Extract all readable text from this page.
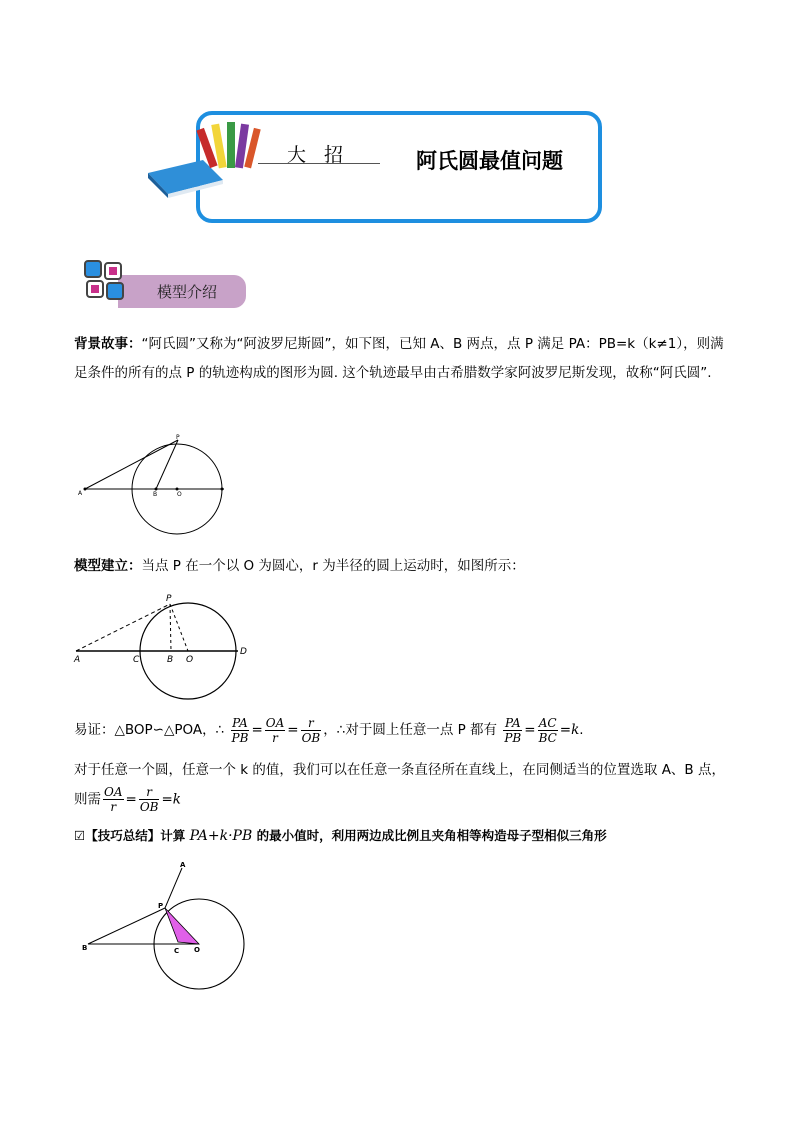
大 招	阿氏圆最值问题
模型介绍
背景故事：“阿氏圆”又称为“阿波罗尼斯圆”，如下图，已知 A、B 两点，点 P 满足 PA：PB=k（k≠1），则满足条件的所有的点 P 的轨迹构成的图形为圆. 这个轨迹最早由古希腊数学家阿波罗尼斯发现，故称“阿氏圆”.
P
A	B	O
模型建立：当点 P 在一个以 O 为圆心，r 为半径的圆上运动时，如图所示：
P
A	C	B O
D
易证：△BOP∽△POA，∴ $\frac{PA}{PB} = \frac{OA}{r} = \frac{r}{OB}$ ，∴对于圆上任意一点 P 都有 $\frac{PA}{PB} = \frac{AC}{BC} =k$.
对于任意一个圆，任意一个 k 的值，我们可以在任意一条直径所在直线上，在同侧适当的位置选取 A、B 点，
则需 $\frac{OA}{r} = \frac{r}{OB} =k$
☑【技巧总结】计算 PA+k·PB 的最小值时，利用两边成比例且夹角相等构造母子型相似三角形
A
P
B	C O
